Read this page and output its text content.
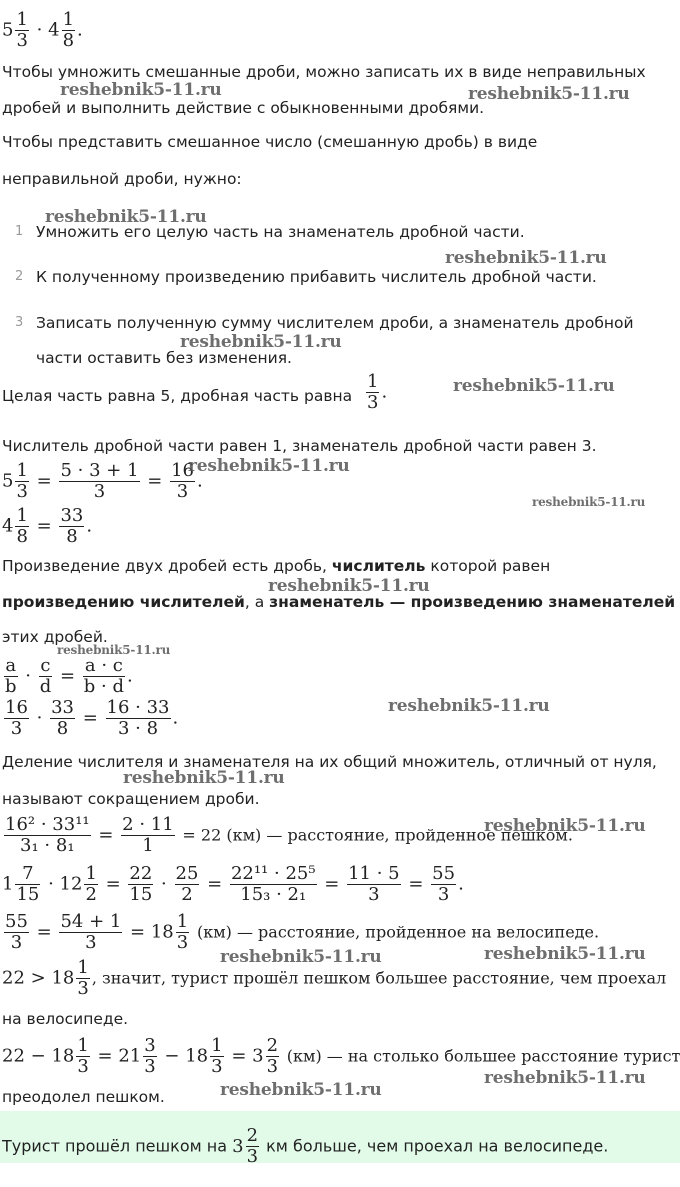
$5 \frac{1}{3} \cdot 4 \frac{1}{8}$ .
Чтобы умножить смешанные дроби, можно записать их в виде неправильных
дробей и выполнить действие с обыкновенными дробями.
Чтобы представить смешанное число (смешанную дробь) в виде
неправильной дроби, нужно:
1 Умножить его целую часть на знаменатель дробной части.
2 К полученному произведению прибавить числитель дробной части.
3 Записать полученную сумму числителем дроби, а знаменатель дробной
части оставить без изменения.
Целая часть равна 5, дробная часть равна $\frac{1}{3}$ .
Числитель дробной части равен 1, знаменатель дробной части равен 3.
$5 \frac{1}{3} = \frac{5 \cdot 3 + 1}{3} = \frac{16}{3}$ .
$4 \frac{1}{8} = \frac{33}{8}$ .
Произведение двух дробей есть дробь, числитель которой равен
произведению числителей, а знаменатель — произведению знаменателей
этих дробей.
$\frac{a}{b} \cdot \frac{c}{d} = \frac{a \cdot c}{b \cdot d}$ .
$\frac{16}{3} \cdot \frac{33}{8} = \frac{16 \cdot 33}{3 \cdot 8}$ .
Деление числителя и знаменателя на их общий множитель, отличный от нуля,
называют сокращением дроби.
$\frac{\text{16² · 33¹¹}}{\text{3₁ · 8₁}} = \frac{2 \cdot 11}{1} = 22$ (км) — расстояние, пройденное пешком.
$1 \frac{7}{15} \cdot 12 \frac{1}{2} = \frac{22}{15} \cdot \frac{25}{2} = \frac{\text{22¹¹ · 25⁵}}{\text{15₃ · 2₁}} = \frac{11 \cdot 5}{3} = \frac{55}{3}$ .
$\frac{55}{3} = \frac{54 + 1}{3} = 18 \frac{1}{3} (км)$ — расстояние, пройденное на велосипеде.
$22 > 18 \frac{1}{3}$ , значит, турист прошёл пешком большее расстояние, чем проехал
на велосипеде.
$22 - 18 \frac{1}{3} = 21 \frac{3}{3} - 18 \frac{1}{3} = 3 \frac{2}{3} (км)$ — на столько большее расстояние турист
преодолел пешком.
Турист прошёл пешком на $3 \frac{2}{3}$ км больше, чем проехал на велосипеде.
reshebnik5-11.ru	reshebnik5-11.ru
reshebnik5-11.ru
reshebnik5-11.ru
reshebnik5-11.ru
reshebnik5-11.ru
reshebnik5-11.ru
reshebnik5-11.ru
reshebnik5-11.ru
reshebnik5-11.ru
reshebnik5-11.ru
reshebnik5-11.ru
reshebnik5-11.ru
reshebnik5-11.ru	reshebnik5-11.ru
reshebnik5-11.ru
reshebnik5-11.ru
